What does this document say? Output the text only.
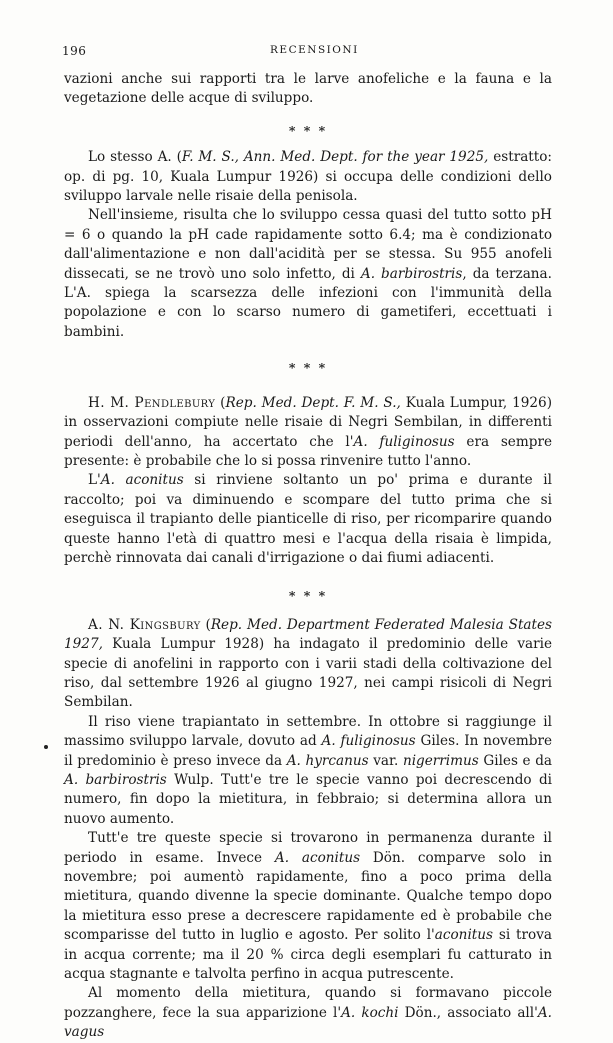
196	RECENSIONI

vazioni anche sui rapporti tra le larve anofeliche e la fauna e la vegetazione delle acque di sviluppo.

* * *

Lo stesso A. (F. M. S., Ann. Med. Dept. for the year 1925, estratto: op. di pg. 10, Kuala Lumpur 1926) si occupa delle condizioni dello sviluppo larvale nelle risaie della penisola.

Nell'insieme, risulta che lo sviluppo cessa quasi del tutto sotto pH = 6 o quando la pH cade rapidamente sotto 6.4; ma è condizionato dall'alimentazione e non dall'acidità per se stessa. Su 955 anofeli dissecati, se ne trovò uno solo infetto, di A. barbirostris, da terzana. L'A. spiega la scarsezza delle infezioni con l'immunità della popolazione e con lo scarso numero di gametiferi, eccettuati i bambini.

* * *

H. M. Pendlebury (Rep. Med. Dept. F. M. S., Kuala Lumpur, 1926) in osservazioni compiute nelle risaie di Negri Sembilan, in differenti periodi dell'anno, ha accertato che l'A. fuliginosus era sempre presente: è probabile che lo si possa rinvenire tutto l'anno.

L'A. aconitus si rinviene soltanto un po' prima e durante il raccolto; poi va diminuendo e scompare del tutto prima che si eseguisca il trapianto delle pianticelle di riso, per ricomparire quando queste hanno l'età di quattro mesi e l'acqua della risaia è limpida, perchè rinnovata dai canali d'irrigazione o dai fiumi adiacenti.

* * *

A. N. Kingsbury (Rep. Med. Department Federated Malesia States 1927, Kuala Lumpur 1928) ha indagato il predominio delle varie specie di anofelini in rapporto con i varii stadi della coltivazione del riso, dal settembre 1926 al giugno 1927, nei campi risicoli di Negri Sembilan.

Il riso viene trapiantato in settembre. In ottobre si raggiunge il massimo sviluppo larvale, dovuto ad A. fuliginosus Giles. In novembre il predominio è preso invece da A. hyrcanus var. nigerrimus Giles e da A. barbirostris Wulp. Tutt'e tre le specie vanno poi decrescendo di numero, fin dopo la mietitura, in febbraio; si determina allora un nuovo aumento.

Tutt'e tre queste specie si trovarono in permanenza durante il periodo in esame. Invece A. aconitus Dön. comparve solo in novembre; poi aumentò rapidamente, fino a poco prima della mietitura, quando divenne la specie dominante. Qualche tempo dopo la mietitura esso prese a decrescere rapidamente ed è probabile che scomparisse del tutto in luglio e agosto. Per solito l'aconitus si trova in acqua corrente; ma il 20 % circa degli esemplari fu catturato in acqua stagnante e talvolta perfino in acqua putrescente.

Al momento della mietitura, quando si formavano piccole pozzanghere, fece la sua apparizione l'A. kochi Dön., associato all'A. vagus
